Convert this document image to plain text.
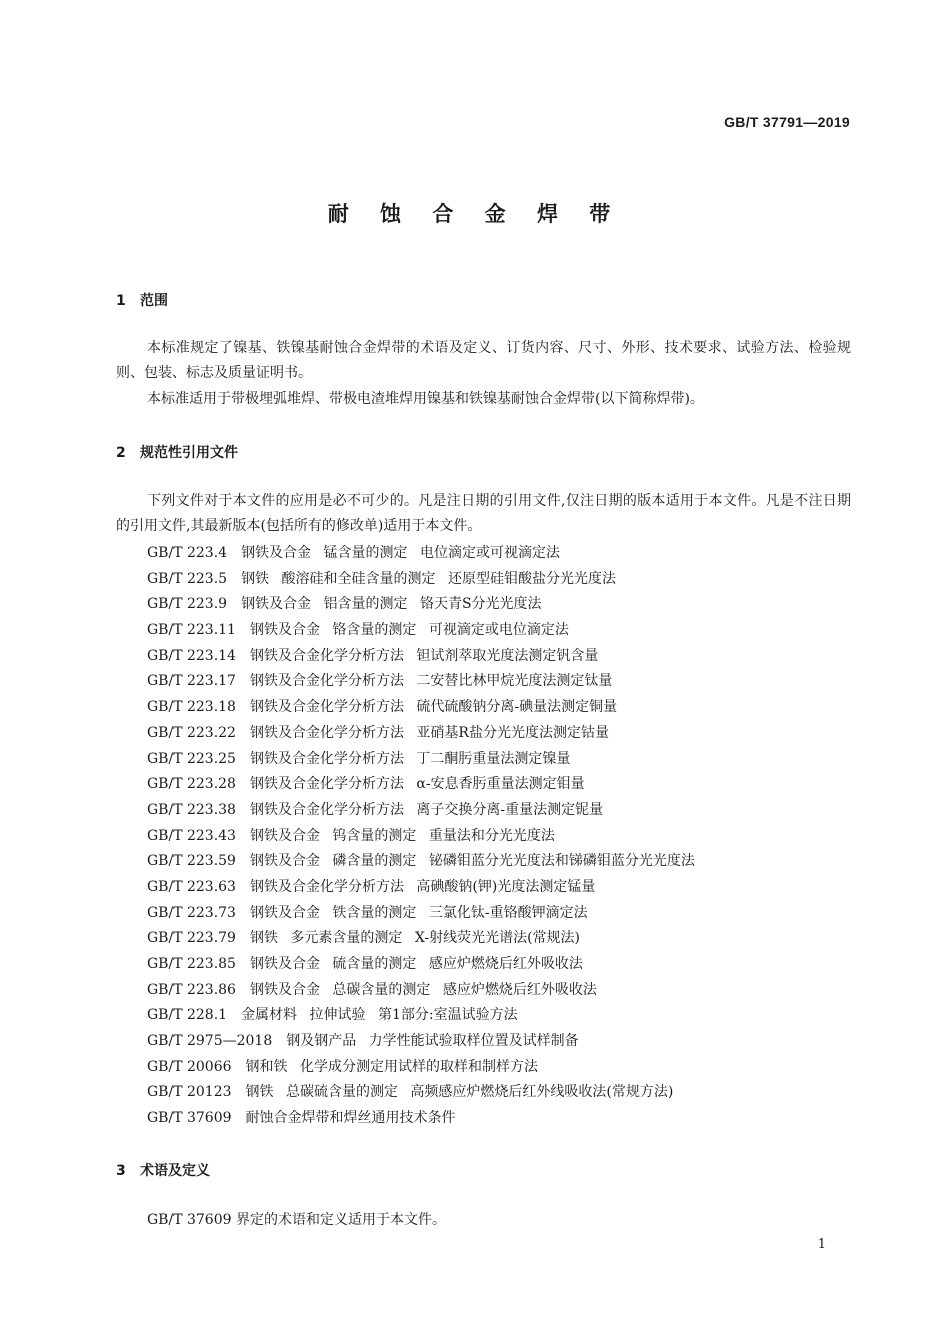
GB/T 37791—2019
耐 蚀 合 金 焊 带
1 范围
本标准规定了镍基、铁镍基耐蚀合金焊带的术语及定义、订货内容、尺寸、外形、技术要求、试验方法、检验规则、包装、标志及质量证明书。
本标准适用于带极埋弧堆焊、带极电渣堆焊用镍基和铁镍基耐蚀合金焊带(以下简称焊带)。
2 规范性引用文件
下列文件对于本文件的应用是必不可少的。凡是注日期的引用文件,仅注日期的版本适用于本文件。凡是不注日期的引用文件,其最新版本(包括所有的修改单)适用于本文件。
GB/T 223.4 钢铁及合金 锰含量的测定 电位滴定或可视滴定法
GB/T 223.5 钢铁 酸溶硅和全硅含量的测定 还原型硅钼酸盐分光光度法
GB/T 223.9 钢铁及合金 铝含量的测定 铬天青S分光光度法
GB/T 223.11 钢铁及合金 铬含量的测定 可视滴定或电位滴定法
GB/T 223.14 钢铁及合金化学分析方法 钽试剂萃取光度法测定钒含量
GB/T 223.17 钢铁及合金化学分析方法 二安替比林甲烷光度法测定钛量
GB/T 223.18 钢铁及合金化学分析方法 硫代硫酸钠分离-碘量法测定铜量
GB/T 223.22 钢铁及合金化学分析方法 亚硝基R盐分光光度法测定钴量
GB/T 223.25 钢铁及合金化学分析方法 丁二酮肟重量法测定镍量
GB/T 223.28 钢铁及合金化学分析方法 α-安息香肟重量法测定钼量
GB/T 223.38 钢铁及合金化学分析方法 离子交换分离-重量法测定铌量
GB/T 223.43 钢铁及合金 钨含量的测定 重量法和分光光度法
GB/T 223.59 钢铁及合金 磷含量的测定 铋磷钼蓝分光光度法和锑磷钼蓝分光光度法
GB/T 223.63 钢铁及合金化学分析方法 高碘酸钠(钾)光度法测定锰量
GB/T 223.73 钢铁及合金 铁含量的测定 三氯化钛-重铬酸钾滴定法
GB/T 223.79 钢铁 多元素含量的测定 X-射线荧光光谱法(常规法)
GB/T 223.85 钢铁及合金 硫含量的测定 感应炉燃烧后红外吸收法
GB/T 223.86 钢铁及合金 总碳含量的测定 感应炉燃烧后红外吸收法
GB/T 228.1 金属材料 拉伸试验 第1部分:室温试验方法
GB/T 2975—2018 钢及钢产品 力学性能试验取样位置及试样制备
GB/T 20066 钢和铁 化学成分测定用试样的取样和制样方法
GB/T 20123 钢铁 总碳硫含量的测定 高频感应炉燃烧后红外线吸收法(常规方法)
GB/T 37609 耐蚀合金焊带和焊丝通用技术条件
3 术语及定义
GB/T 37609 界定的术语和定义适用于本文件。
1
